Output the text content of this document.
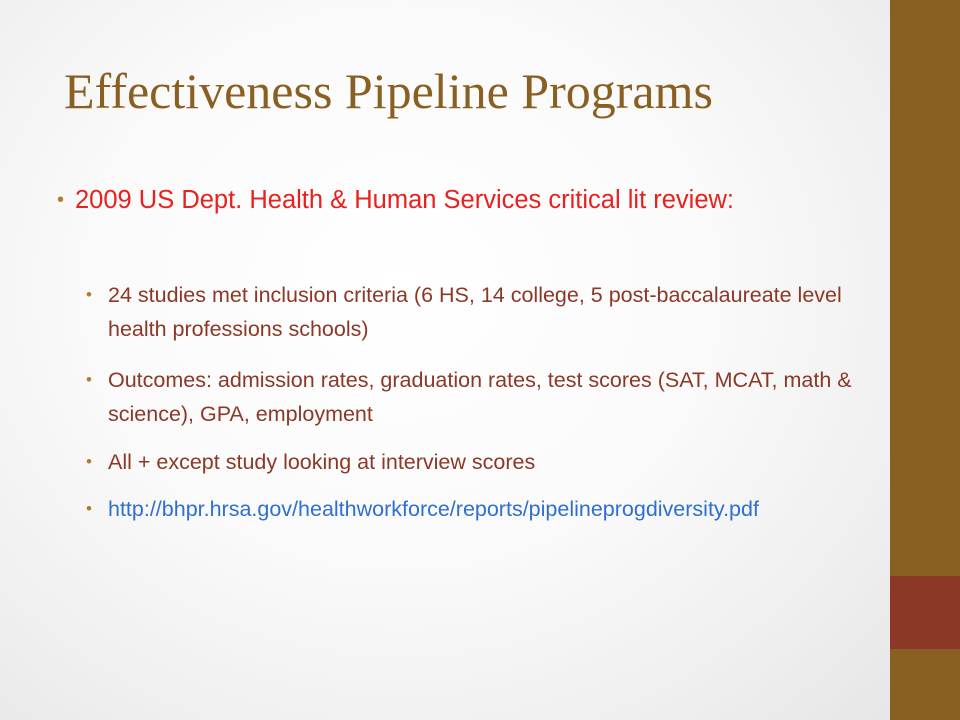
Effectiveness Pipeline Programs
• 2009 US Dept. Health & Human Services critical lit review:
• 24 studies met inclusion criteria (6 HS, 14 college, 5 post-baccalaureate level health professions schools)
• Outcomes: admission rates, graduation rates, test scores (SAT, MCAT, math & science), GPA, employment
• All + except study looking at interview scores
• http://bhpr.hrsa.gov/healthworkforce/reports/pipelineprogdiversity.pdf
